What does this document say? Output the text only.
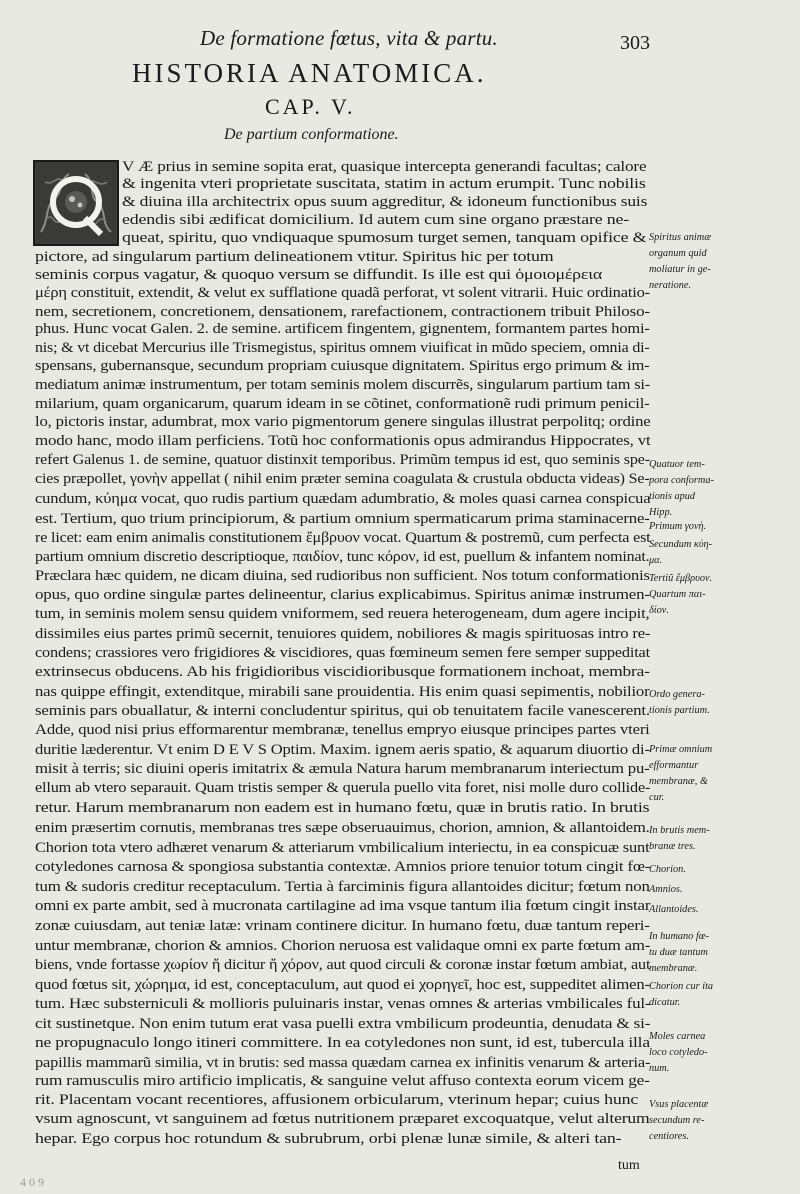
De formatione fœtus, vita & partu.	303
HISTORIA ANATOMICA.
CAP. V.
De partium conformatione.
V Æ prius in semine sopita erat, quasique intercepta generandi facultas; calore
& ingenita vteri proprietate suscitata, statim in actum erumpit. Tunc nobilis
& diuina illa architectrix opus suum aggreditur, & idoneum functionibus suis
edendis sibi ædificat domicilium. Id autem cum sine organo præstare ne-
queat, spiritu, quo vndiquaque spumosum turget semen, tanquam opifice &
pictore, ad singularum partium delineationem vtitur. Spiritus hic per totum
seminis corpus vagatur, & quoquo versum se diffundit. Is ille est qui ὁμοιομέρεια
μέρη constituit, extendit, & velut ex sufflatione quadã perforat, vt solent vitrarii. Huic ordinatio-
nem, secretionem, concretionem, densationem, rarefactionem, contractionem tribuit Philoso-
phus. Hunc vocat Galen. 2. de semine. artificem fingentem, gignentem, formantem partes homi-
nis; & vt dicebat Mercurius ille Trismegistus, spiritus omnem viuificat in mũdo speciem, omnia di-
spensans, gubernansque, secundum propriam cuiusque dignitatem. Spiritus ergo primum & im-
mediatum animæ instrumentum, per totam seminis molem discurrẽs, singularum partium tam si-
milarium, quam organicarum, quarum ideam in se cõtinet, conformationẽ rudi primum penicil-
lo, pictoris instar, adumbrat, mox vario pigmentorum genere singulas illustrat perpolitq; ordine
modo hanc, modo illam perficiens. Totũ hoc conformationis opus admirandus Hippocrates, vt
refert Galenus 1. de semine, quatuor distinxit temporibus. Primũm tempus id est, quo seminis spe-
cies præpollet, γονὴν appellat ( nihil enim præter semina coagulata & crustula obducta videas) Se-
cundum, κύημα vocat, quo rudis partium quædam adumbratio, & moles quasi carnea conspicua
est. Tertium, quo trium principiorum, & partium omnium spermaticarum prima staminacerne-
re licet: eam enim animalis constitutionem ἔμβρυον vocat. Quartum & postremũ, cum perfecta est
partium omnium discretio descriptioque, παιδίον, tunc κόρον, id est, puellum & infantem nominat.
Præclara hæc quidem, ne dicam diuina, sed rudioribus non sufficient. Nos totum conformationis
opus, quo ordine singulæ partes delineentur, clarius explicabimus. Spiritus animæ instrumen-
tum, in seminis molem sensu quidem vniformem, sed reuera heterogeneam, dum agere incipit,
dissimiles eius partes primũ secernit, tenuiores quidem, nobiliores & magis spirituosas intro re-
condens; crassiores vero frigidiores & viscidiores, quas fœmineum semen fere semper suppeditat
extrinsecus obducens. Ab his frigidioribus viscidioribusque formationem inchoat, membra-
nas quippe effingit, extenditque, mirabili sane prouidentia. His enim quasi sepimentis, nobilior
seminis pars obuallatur, & interni concludentur spiritus, qui ob tenuitatem facile vanescerent.
Adde, quod nisi prius efformarentur membranæ, tenellus empryo eiusque principes partes vteri
duritie læderentur. Vt enim D E V S Optim. Maxim. ignem aeris spatio, & aquarum diuortio di-
misit à terris; sic diuini operis imitatrix & æmula Natura harum membranarum interiectum pu-
ellum ab vtero separauit. Quam tristis semper & querula puello vita foret, nisi molle duro collide-
retur. Harum membranarum non eadem est in humano fœtu, quæ in brutis ratio. In brutis
enim præsertim cornutis, membranas tres sæpe obseruauimus, chorion, amnion, & allantoidem.
Chorion tota vtero adhæret venarum & atteriarum vmbilicalium interiectu, in ea conspicuæ sunt
cotyledones carnosa & spongiosa substantia contextæ. Amnios priore tenuior totum cingit fœ-
tum & sudoris creditur receptaculum. Tertia à farciminis figura allantoides dicitur; fœtum non
omni ex parte ambit, sed à mucronata cartilagine ad ima vsque tantum ilia fœtum cingit instar
zonæ cuiusdam, aut teniæ latæ: vrinam continere dicitur. In humano fœtu, duæ tantum reperi-
untur membranæ, chorion & amnios. Chorion neruosa est validaque omni ex parte fœtum am-
biens, vnde fortasse χωρίον ἤ dicitur ἤ χόρον, aut quod circuli & coronæ instar fœtum ambiat, aut
quod fœtus sit, χώρημα, id est, conceptaculum, aut quod ei χορηγεῖ, hoc est, suppeditet alimen-
tum. Hæc substerniculi & mollioris puluinaris instar, venas omnes & arterias vmbilicales ful-
cit sustinetque. Non enim tutum erat vasa puelli extra vmbilicum prodeuntia, denudata & si-
ne propugnaculo longo itineri committere. In ea cotyledones non sunt, id est, tubercula illa
papillis mammarũ similia, vt in brutis: sed massa quædam carnea ex infinitis venarum & arteria-
rum ramusculis miro artificio implicatis, & sanguine velut affuso contexta eorum vicem ge-
rit. Placentam vocant recentiores, affusionem orbicularum, vterinum hepar; cuius hunc
vsum agnoscunt, vt sanguinem ad fœtus nutritionem præparet excoquatque, velut alterum
hepar. Ego corpus hoc rotundum & subrubrum, orbi plenæ lunæ simile, & alteri tan-
Spiritus animæ
organum quid
moliatur in ge-
neratione.
Quatuor tem-
pora conforma-
tionis apud
Hipp.
Primum γονὴ.
Secundum κύη-
μα.
Tertiũ ἔμβρυον.
Quartum παι-
δίον.
Ordo genera-
tionis partium.
Primæ omnium
efformantur
membranæ, &
cur.
In brutis mem-
branæ tres.
Chorion.
Amnios.
Allantoides.
In humano fœ-
tu duæ tantum
membranæ.
Chorion cur ita
dicatur.
Moles carnea
loco cotyledo-
num.
Vsus placentæ
secundum re-
centiores.
tum
4 0 9
